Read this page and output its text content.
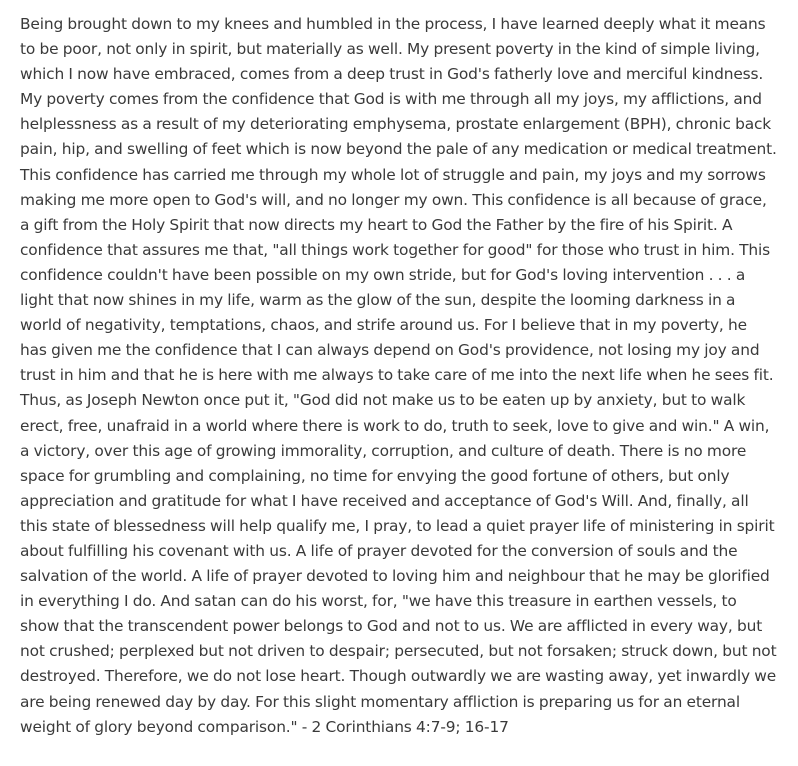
Being brought down to my knees and humbled in the process, I have learned deeply what it means to be poor, not only in spirit, but materially as well. My present poverty in the kind of simple living, which I now have embraced, comes from a deep trust in God's fatherly love and merciful kindness. My poverty comes from the confidence that God is with me through all my joys, my afflictions, and helplessness as a result of my deteriorating emphysema, prostate enlargement (BPH), chronic back pain, hip, and swelling of feet which is now beyond the pale of any medication or medical treatment. This confidence has carried me through my whole lot of struggle and pain, my joys and my sorrows making me more open to God's will, and no longer my own. This confidence is all because of grace, a gift from the Holy Spirit that now directs my heart to God the Father by the fire of his Spirit. A confidence that assures me that, "all things work together for good" for those who trust in him. This confidence couldn't have been possible on my own stride, but for God's loving intervention . . . a light that now shines in my life, warm as the glow of the sun, despite the looming darkness in a world of negativity, temptations, chaos, and strife around us. For I believe that in my poverty, he has given me the confidence that I can always depend on God's providence, not losing my joy and trust in him and that he is here with me always to take care of me into the next life when he sees fit. Thus, as Joseph Newton once put it, "God did not make us to be eaten up by anxiety, but to walk erect, free, unafraid in a world where there is work to do, truth to seek, love to give and win." A win, a victory, over this age of growing immorality, corruption, and culture of death. There is no more space for grumbling and complaining, no time for envying the good fortune of others, but only appreciation and gratitude for what I have received and acceptance of God's Will. And, finally, all this state of blessedness will help qualify me, I pray, to lead a quiet prayer life of ministering in spirit about fulfilling his covenant with us. A life of prayer devoted for the conversion of souls and the salvation of the world. A life of prayer devoted to loving him and neighbour that he may be glorified in everything I do. And satan can do his worst, for, "we have this treasure in earthen vessels, to show that the transcendent power belongs to God and not to us. We are afflicted in every way, but not crushed; perplexed but not driven to despair; persecuted, but not forsaken; struck down, but not destroyed. Therefore, we do not lose heart. Though outwardly we are wasting away, yet inwardly we are being renewed day by day. For this slight momentary affliction is preparing us for an eternal weight of glory beyond comparison." - 2 Corinthians 4:7-9; 16-17
